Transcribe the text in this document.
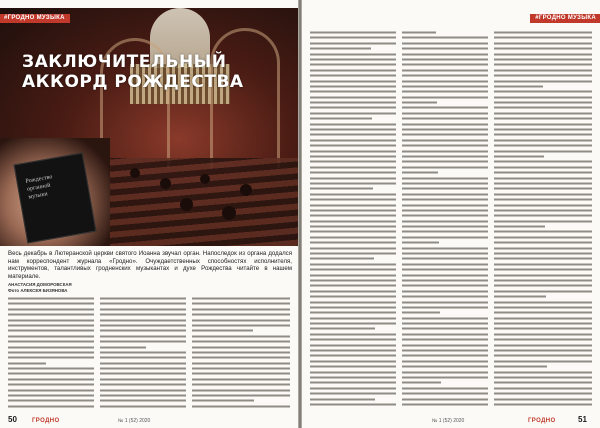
Рождество
органной
музыки
ЗАКЛЮЧИТЕЛЬНЫЙ
АККОРД РОЖДЕСТВА
#ГРОДНО МУЗЫКА
Весь декабрь в Лютеранской церкви святого Иоанна звучал орган. Напоследок из органа додался нам корреспондент журнала «Гродно». Очуждаетственных способностях исполнителя, инструментов, талантливых гродненских музыкантах и духе Рождества читайте в нашем материале.
АНАСТАСИЯ ДОМОРОВСКАЯ
Фото АЛЕКСЕЯ БИЗЯНОВА
50	ГРОДНО	№ 1 (52) 2020
#ГРОДНО МУЗЫКА
№ 1 (52) 2020	ГРОДНО	51
